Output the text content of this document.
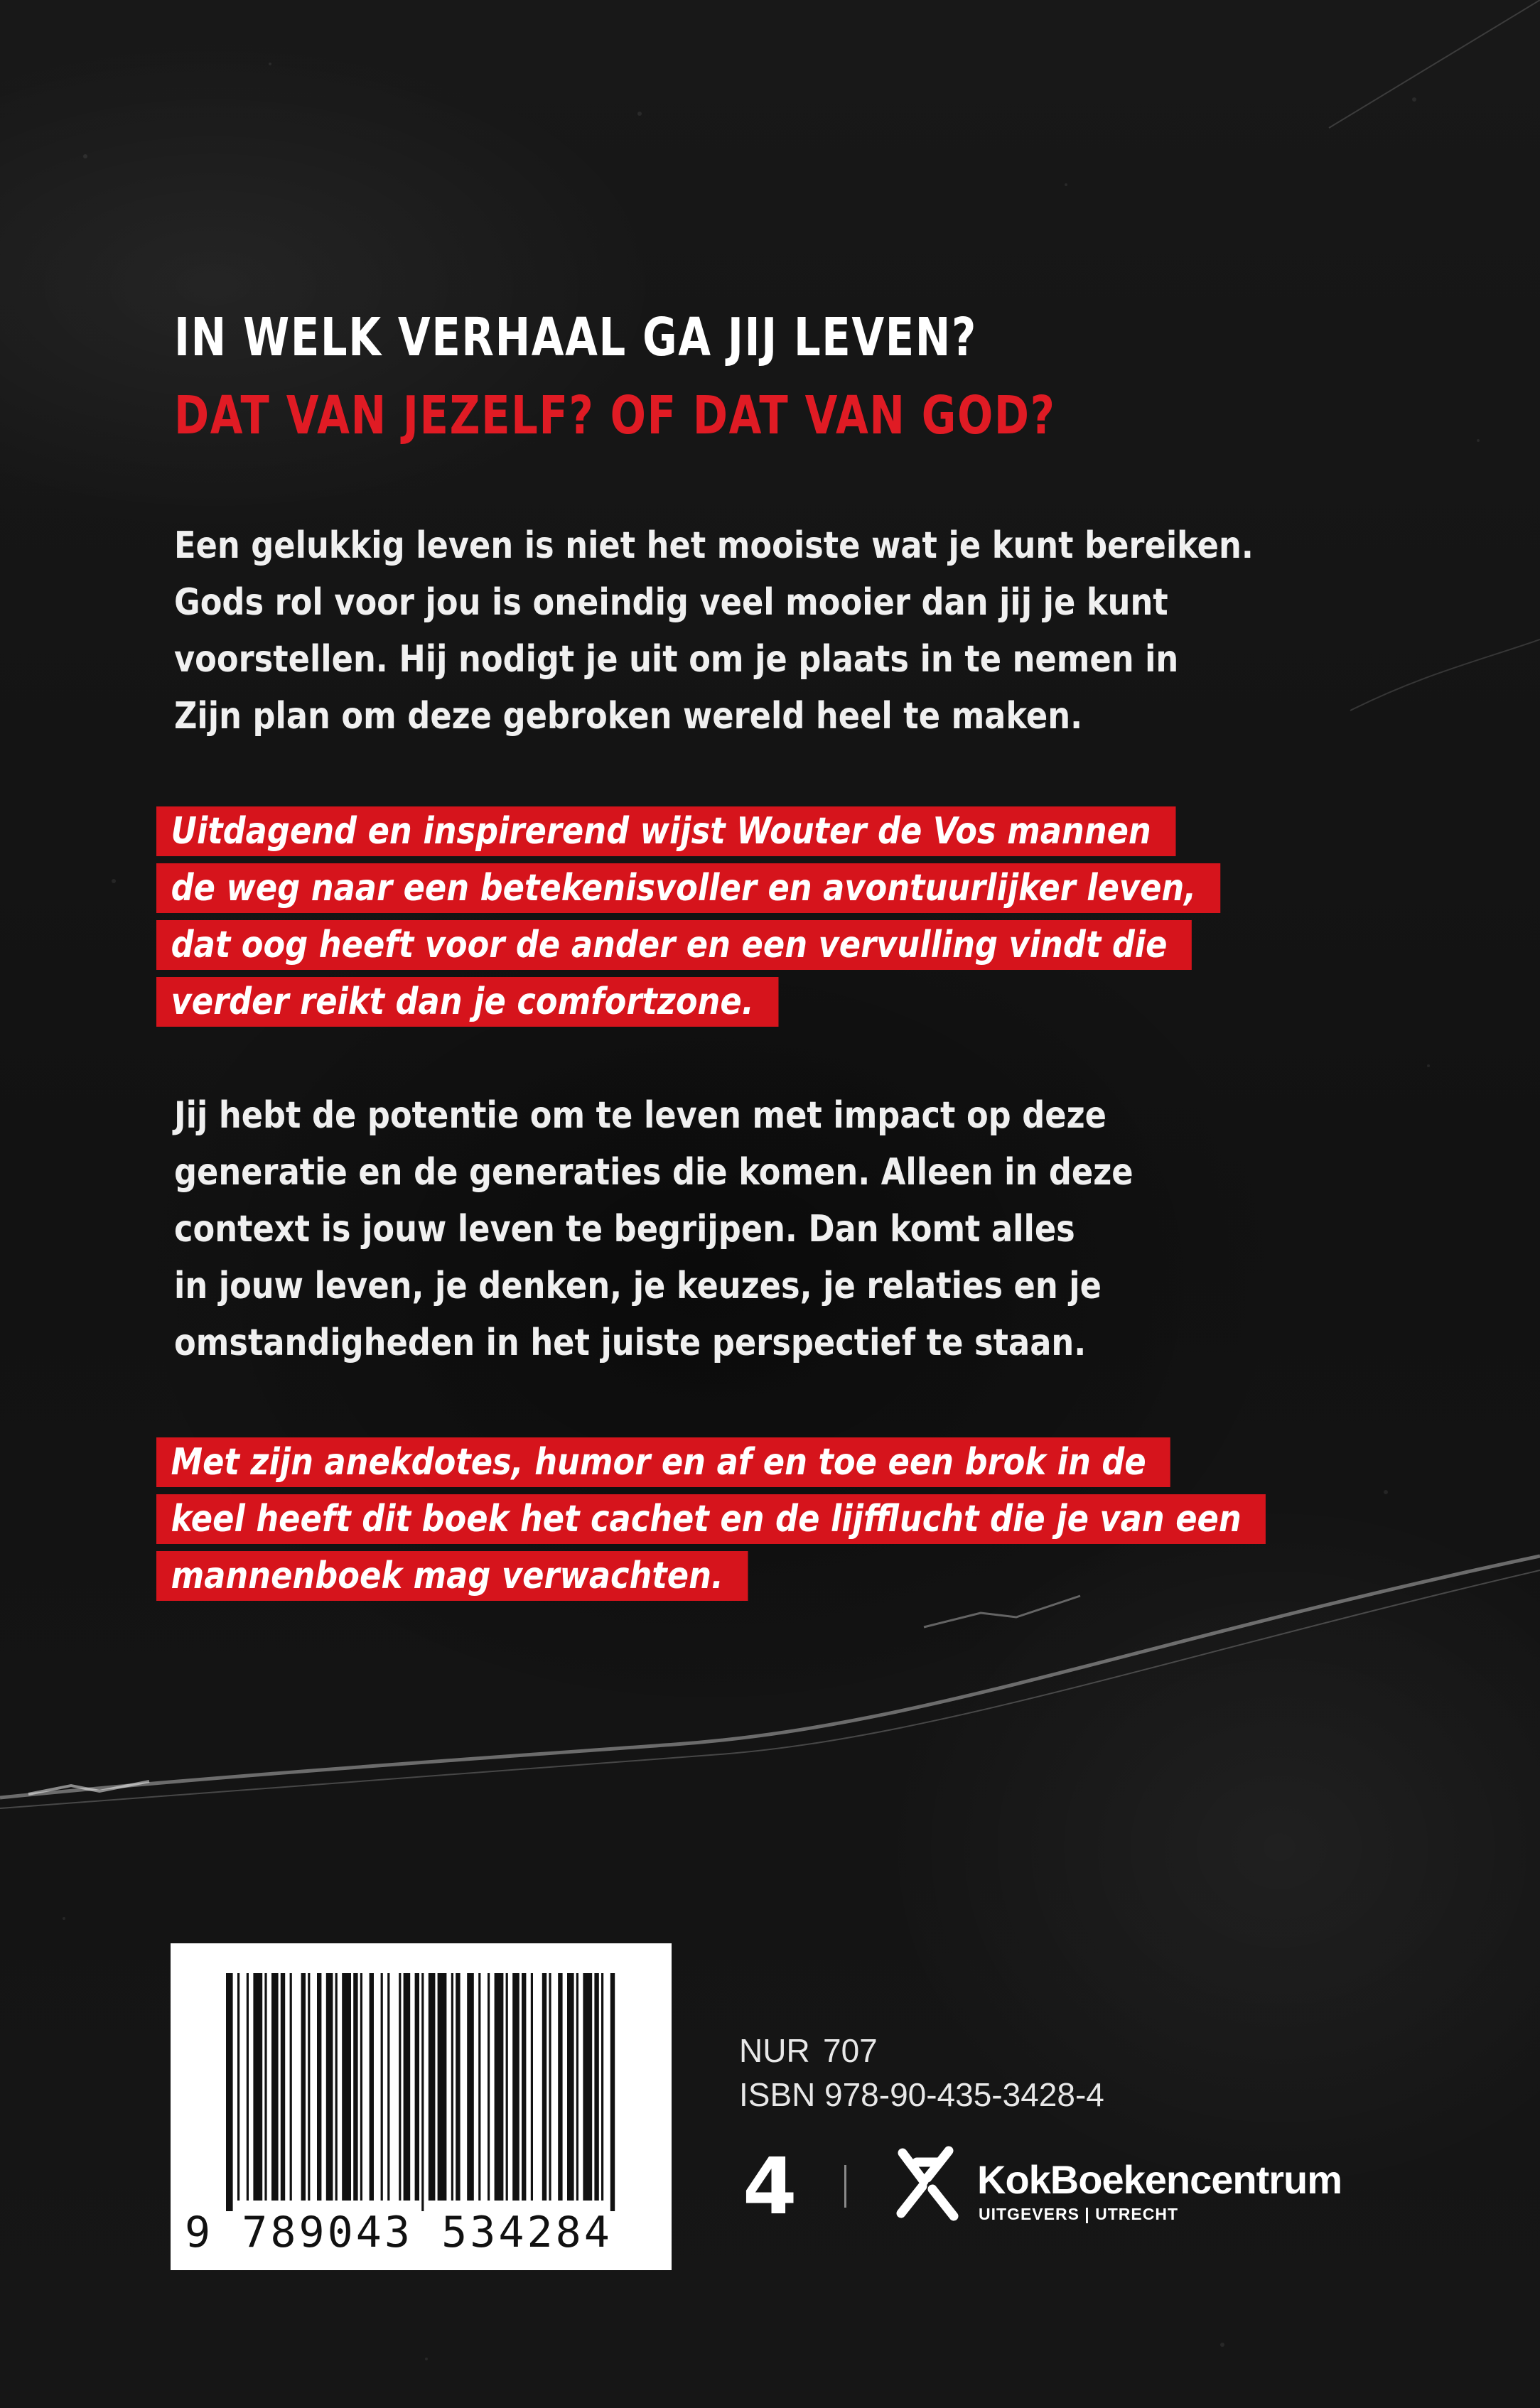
IN WELK VERHAAL GA JIJ LEVEN?
DAT VAN JEZELF? OF DAT VAN GOD?
Een gelukkig leven is niet het mooiste wat je kunt bereiken.
Gods rol voor jou is oneindig veel mooier dan jij je kunt
voorstellen. Hij nodigt je uit om je plaats in te nemen in
Zijn plan om deze gebroken wereld heel te maken.
Uitdagend en inspirerend wijst Wouter de Vos mannen
de weg naar een betekenisvoller en avontuurlijker leven,
dat oog heeft voor de ander en een vervulling vindt die
verder reikt dan je comfortzone.
Jij hebt de potentie om te leven met impact op deze
generatie en de generaties die komen. Alleen in deze
context is jouw leven te begrijpen. Dan komt alles
in jouw leven, je denken, je keuzes, je relaties en je
omstandigheden in het juiste perspectief te staan.
Met zijn anekdotes, humor en af en toe een brok in de
keel heeft dit boek het cachet en de lijfflucht die je van een
mannenboek mag verwachten.
9 789043 534284
NUR 707
ISBN 978-90-435-3428-4
4	KokBoekencentrum
UITGEVERS | UTRECHT
